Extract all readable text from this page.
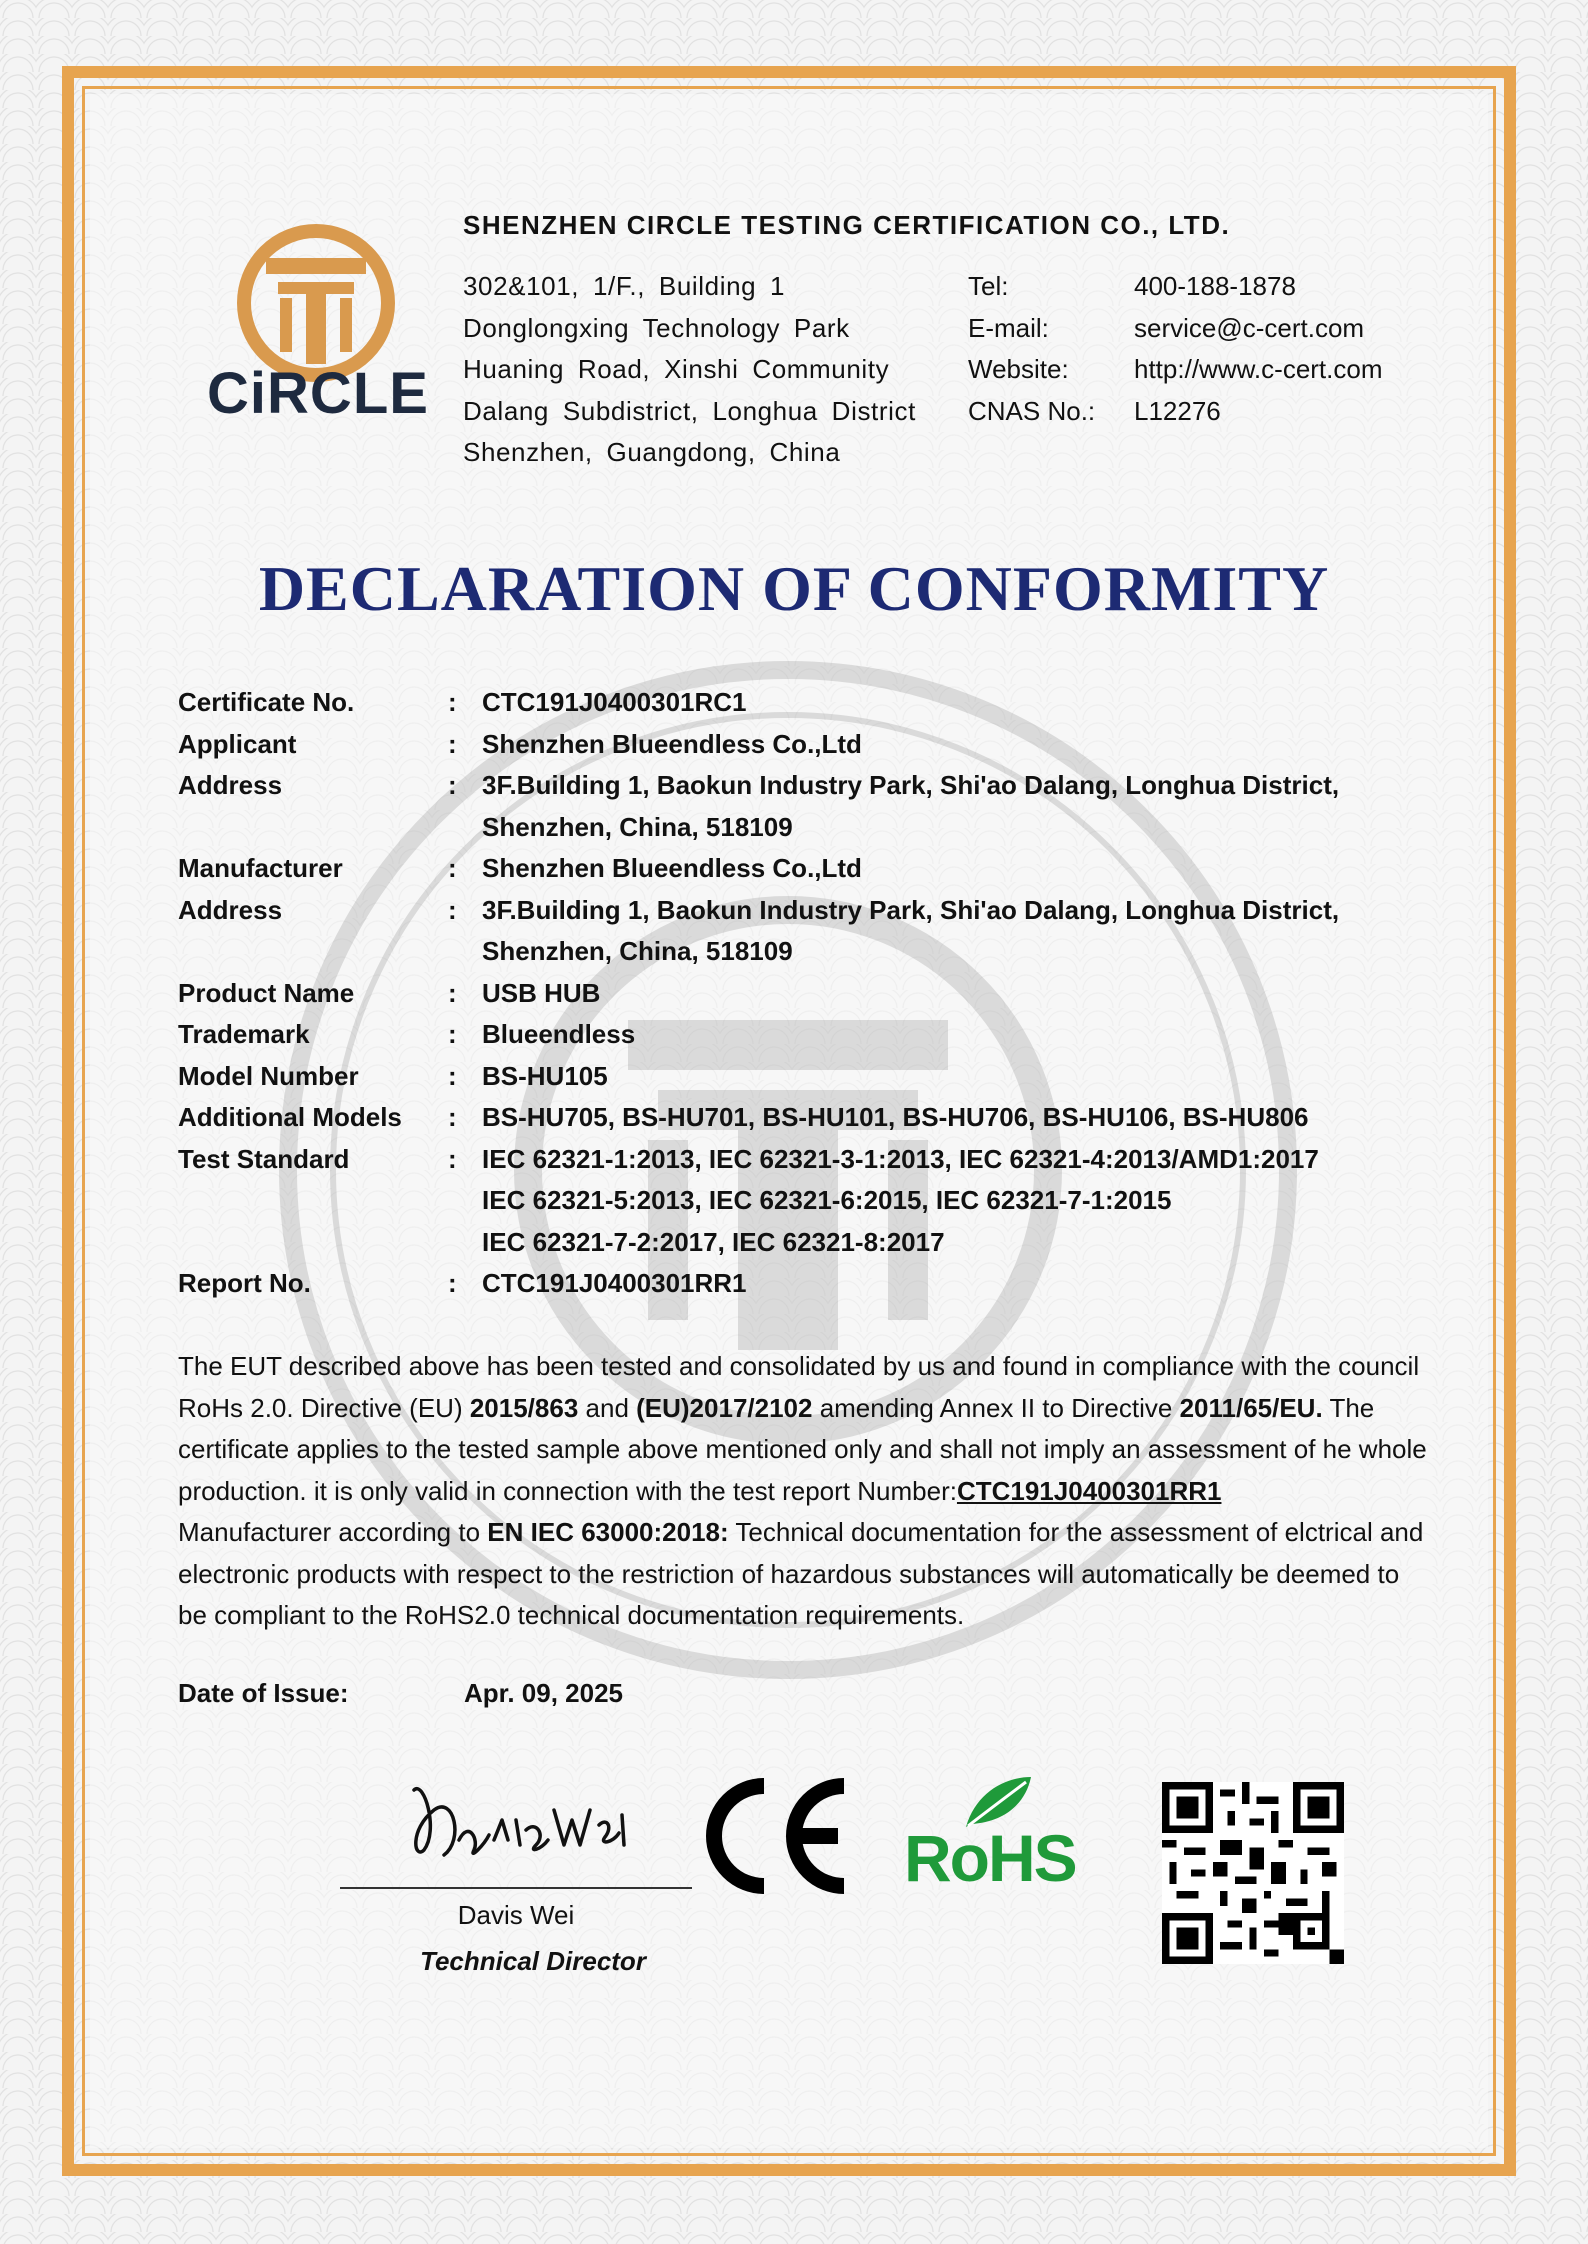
CiRCLE
SHENZHEN CIRCLE TESTING CERTIFICATION CO., LTD.
302&101, 1/F., Building 1
Donglongxing Technology Park
Huaning Road, Xinshi Community
Dalang Subdistrict, Longhua District
Shenzhen, Guangdong, China
Tel:	400-188-1878
E-mail:	service@c-cert.com
Website:	http://www.c-cert.com
CNAS No.:	L12276
DECLARATION OF CONFORMITY
Certificate No.	: CTC191J0400301RC1
Applicant	: Shenzhen Blueendless Co.,Ltd
Address	: 3F.Building 1, Baokun Industry Park, Shi'ao Dalang, Longhua District,
Shenzhen, China, 518109
Manufacturer	: Shenzhen Blueendless Co.,Ltd
Address	: 3F.Building 1, Baokun Industry Park, Shi'ao Dalang, Longhua District,
Shenzhen, China, 518109
Product Name	: USB HUB
Trademark	: Blueendless
Model Number	: BS-HU105
Additional Models	: BS-HU705, BS-HU701, BS-HU101, BS-HU706, BS-HU106, BS-HU806
Test Standard	: IEC 62321-1:2013, IEC 62321-3-1:2013, IEC 62321-4:2013/AMD1:2017
IEC 62321-5:2013, IEC 62321-6:2015, IEC 62321-7-1:2015
IEC 62321-7-2:2017, IEC 62321-8:2017
Report No.	: CTC191J0400301RR1
The EUT described above has been tested and consolidated by us and found in compliance with the council RoHs 2.0. Directive (EU) 2015/863 and (EU)2017/2102 amending Annex II to Directive 2011/65/EU. The certificate applies to the tested sample above mentioned only and shall not imply an assessment of he whole production. it is only valid in connection with the test report Number:CTC191J0400301RR1
Manufacturer according to EN IEC 63000:2018: Technical documentation for the assessment of elctrical and electronic products with respect to the restriction of hazardous substances will automatically be deemed to be compliant to the RoHS2.0 technical documentation requirements.
Date of Issue:	Apr. 09, 2025
Davis Wei
Technical Director
RoHS
